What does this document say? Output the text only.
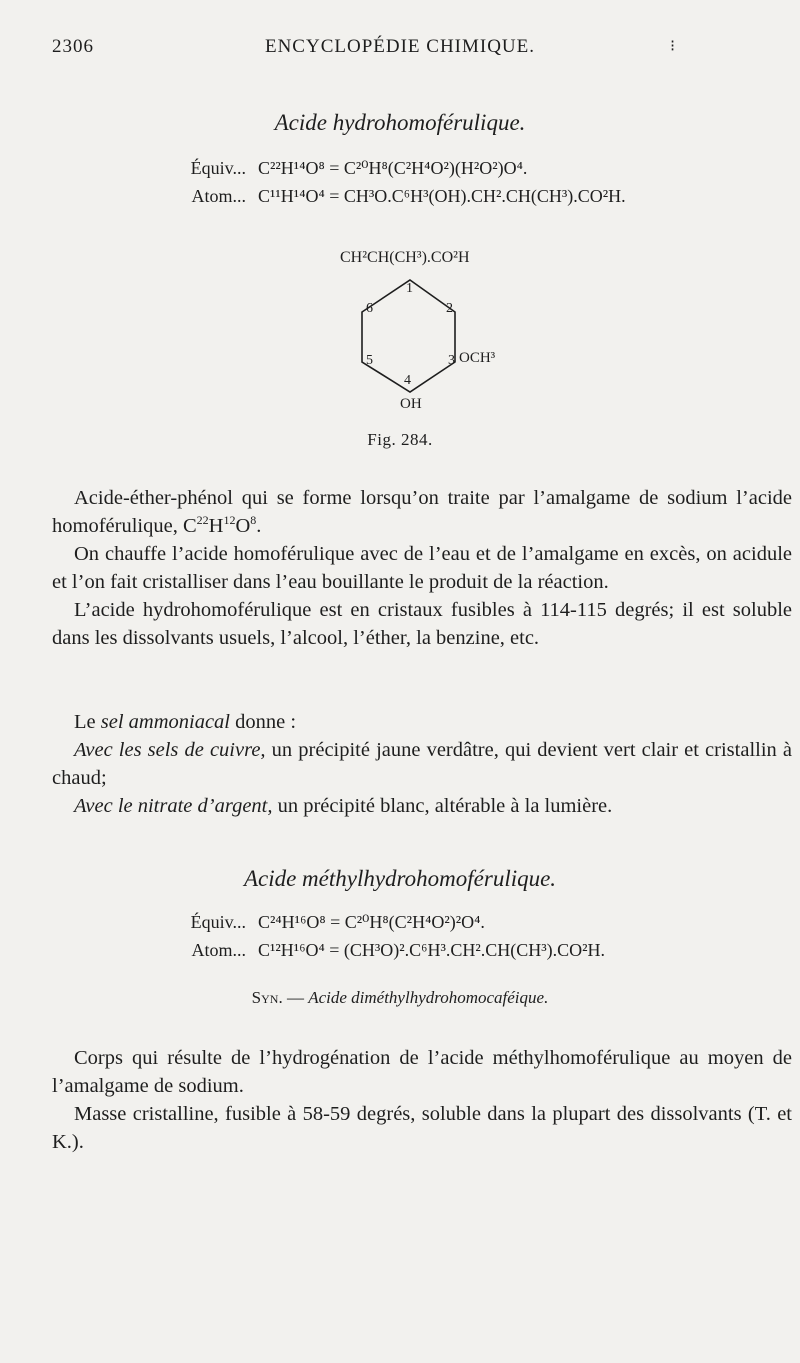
2306	ENCYCLOPÉDIE CHIMIQUE.	⁝
Acide hydrohomoférulique.
Équiv... C²²H¹⁴O⁸ = C²⁰H⁸(C²H⁴O²)(H²O²)O⁴.
Atom... C¹¹H¹⁴O⁴ = CH³O.C⁶H³(OH).CH².CH(CH³).CO²H.
CH²CH(CH³).CO²H
1
2
3
4
5
6
OCH³
OH
Fig. 284.

Acide-éther-phénol qui se forme lorsqu’on traite par l’amalgame de sodium l’acide homoférulique, $C^{22}H^{12}O^8$.

On chauffe l’acide homoférulique avec de l’eau et de l’amalgame en excès, on acidule et l’on fait cristalliser dans l’eau bouillante le produit de la réaction.

L’acide hydrohomoférulique est en cristaux fusibles à 114-115 degrés; il est soluble dans les dissolvants usuels, l’alcool, l’éther, la benzine, etc.

Le sel ammoniacal donne :

Avec les sels de cuivre, un précipité jaune verdâtre, qui devient vert clair et cristallin à chaud;

Avec le nitrate d’argent, un précipité blanc, altérable à la lumière.

Acide méthylhydrohomoférulique.
Équiv... C²⁴H¹⁶O⁸ = C²⁰H⁸(C²H⁴O²)²O⁴.
Atom... C¹²H¹⁶O⁴ = (CH³O)².C⁶H³.CH².CH(CH³).CO²H.
Syn. — Acide diméthylhydrohomocaféique.

Corps qui résulte de l’hydrogénation de l’acide méthylhomoférulique au moyen de l’amalgame de sodium.

Masse cristalline, fusible à 58-59 degrés, soluble dans la plupart des dissolvants (T. et K.).
